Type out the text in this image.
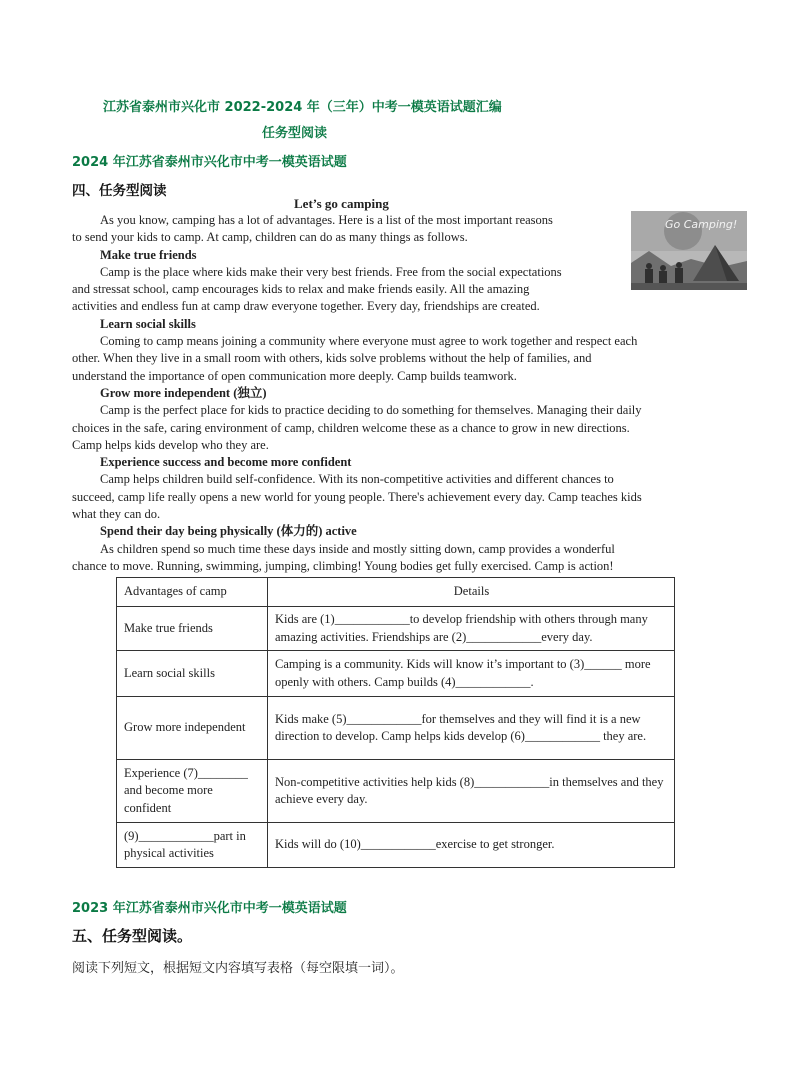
江苏省泰州市兴化市 2022-2024 年（三年）中考一模英语试题汇编
任务型阅读
2024 年江苏省泰州市兴化市中考一模英语试题
四、任务型阅读
Let’s go camping
As you know, camping has a lot of advantages. Here is a list of the most important reasons
to send your kids to camp. At camp, children can do as many things as follows.
Make true friends
Camp is the place where kids make their very best friends. Free from the social expectations
and stressat school, camp encourages kids to relax and make friends easily. All the amazing
activities and endless fun at camp draw everyone together. Every day, friendships are created.
Learn social skills
Coming to camp means joining a community where everyone must agree to work together and respect each
other. When they live in a small room with others, kids solve problems without the help of families, and
understand the importance of open communication more deeply. Camp builds teamwork.
Grow more independent (独立)
Camp is the perfect place for kids to practice deciding to do something for themselves. Managing their daily
choices in the safe, caring environment of camp, children welcome these as a chance to grow in new directions.
Camp helps kids develop who they are.
Experience success and become more confident
Camp helps children build self-confidence. With its non-competitive activities and different chances to
succeed, camp life really opens a new world for young people. There's achievement every day. Camp teaches kids
what they can do.
Spend their day being physically (体力的) active
As children spend so much time these days inside and mostly sitting down, camp provides a wonderful
chance to move. Running, swimming, jumping, climbing! Young bodies get fully exercised. Camp is action!
Go Camping!
Advantages of camp	Details
Make true friends	Kids are (1)____________to develop friendship with others through many amazing activities. Friendships are (2)____________every day.
Learn social skills	Camping is a community. Kids will know it’s important to (3)______ more openly with others. Camp builds (4)____________.
Grow more independent	Kids make (5)____________for themselves and they will find it is a new direction to develop. Camp helps kids develop (6)____________ they are.
Experience (7)________ and become more confident	Non-competitive activities help kids (8)____________in themselves and they achieve every day.
(9)____________part in physical activities	Kids will do (10)____________exercise to get stronger.
2023 年江苏省泰州市兴化市中考一模英语试题
五、任务型阅读。
阅读下列短文，根据短文内容填写表格（每空限填一词）。
